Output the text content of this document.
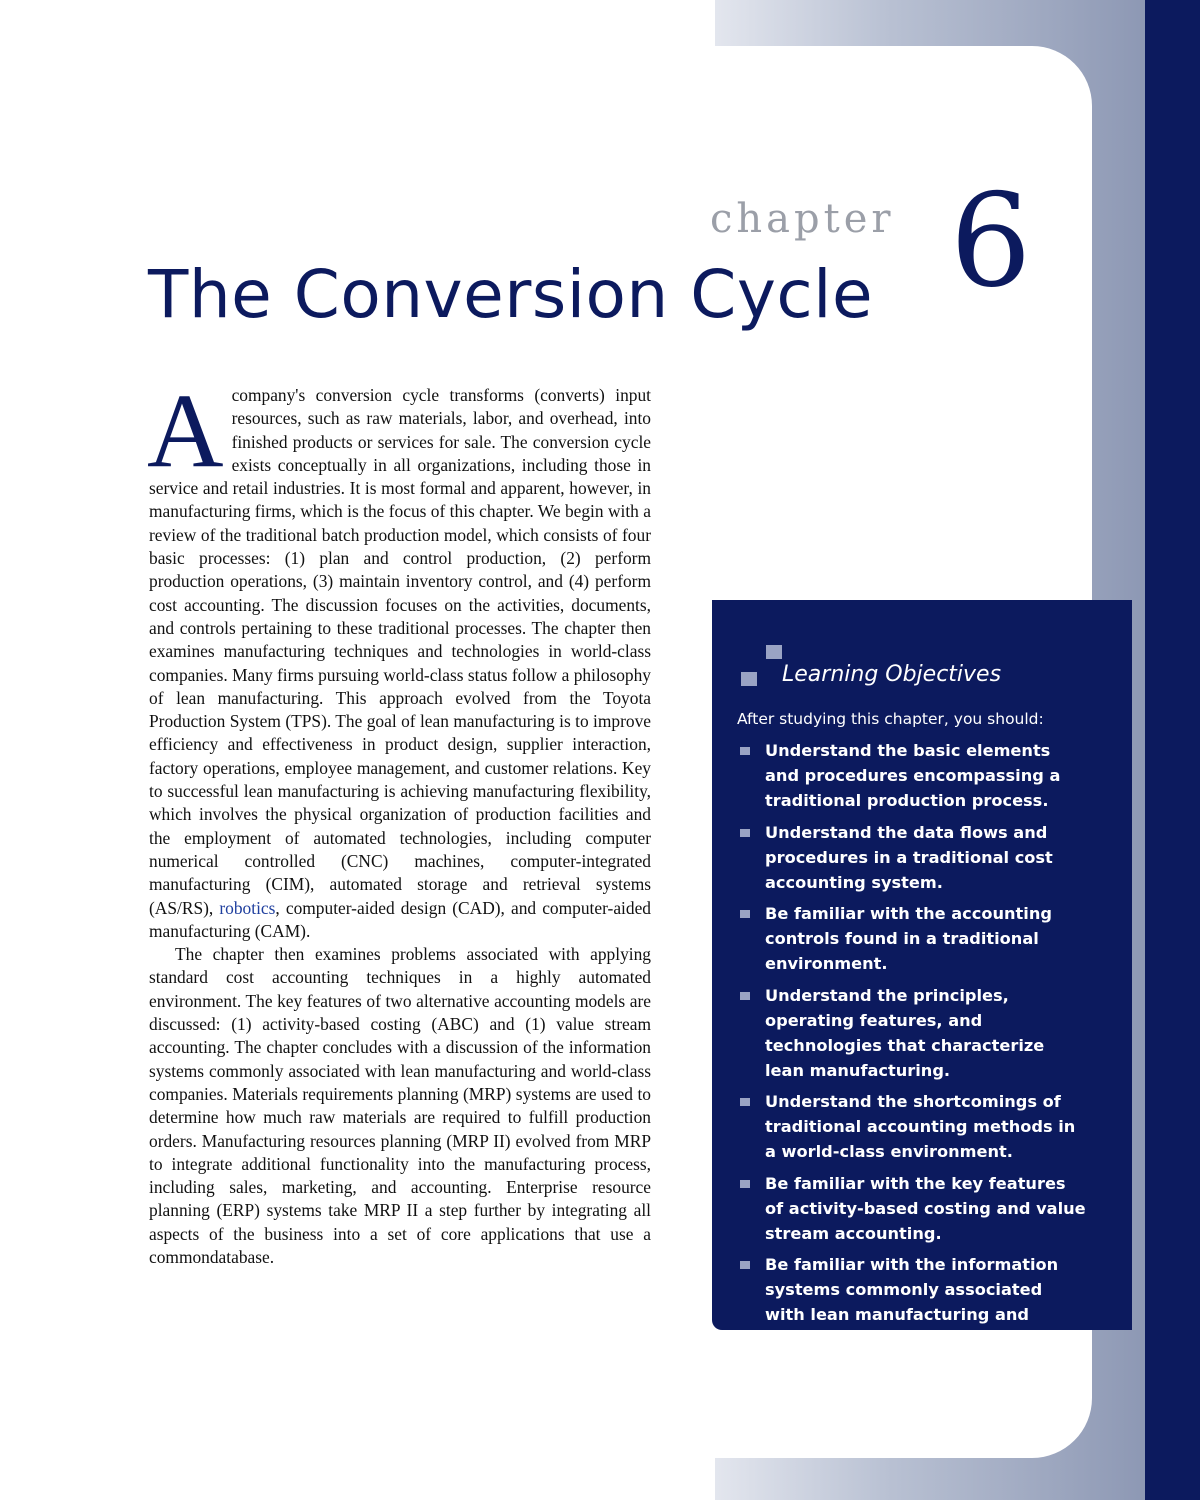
chapter 6
The Conversion Cycle

Acompany's conversion cycle transforms (converts) input resources, such as raw materials, labor, and overhead, into finished products or services for sale. The conversion cycle exists conceptually in all organizations, including those in service and retail industries. It is most formal and apparent, however, in manufacturing firms, which is the focus of this chapter. We begin with a review of the traditional batch production model, which consists of four basic processes: (1) plan and control production, (2) perform production operations, (3) maintain inventory control, and (4) perform cost accounting. The discussion focuses on the activities, documents, and controls pertaining to these traditional processes. The chapter then examines manufacturing techniques and technologies in world-class companies. Many firms pursuing world-class status follow a philosophy of lean manufacturing. This approach evolved from the Toyota Production System (TPS). The goal of lean manufacturing is to improve efficiency and effectiveness in product design, supplier interaction, factory operations, employee management, and customer relations. Key to successful lean manufacturing is achieving manufacturing flexibility, which involves the physical organization of production facilities and the employment of automated technologies, including computer numerical controlled (CNC) machines, computer-integrated manufacturing (CIM), automated storage and retrieval systems (AS/RS), robotics, computer-aided design (CAD), and computer-aided manufacturing (CAM).

The chapter then examines problems associated with applying standard cost accounting techniques in a highly automated environment. The key features of two alternative accounting models are discussed: (1) activity-based costing (ABC) and (1) value stream accounting. The chapter concludes with a discussion of the information systems commonly associated with lean manufacturing and world-class companies. Materials requirements planning (MRP) systems are used to determine how much raw materials are required to fulfill production orders. Manufacturing resources planning (MRP II) evolved from MRP to integrate additional functionality into the manufacturing process, including sales, marketing, and accounting. Enterprise resource planning (ERP) systems take MRP II a step further by integrating all aspects of the business into a set of core applications that use a commondatabase.

Learning Objectives
After studying this chapter, you should:
Understand the basic elements and procedures encompassing a traditional production process.
Understand the data flows and procedures in a traditional cost accounting system.
Be familiar with the accounting controls found in a traditional environment.
Understand the principles, operating features, and technologies that characterize lean manufacturing.
Understand the shortcomings of traditional accounting methods in a world-class environment.
Be familiar with the key features of activity-based costing and value stream accounting.
Be familiar with the information systems commonly associated with lean manufacturing and world-class companies.
